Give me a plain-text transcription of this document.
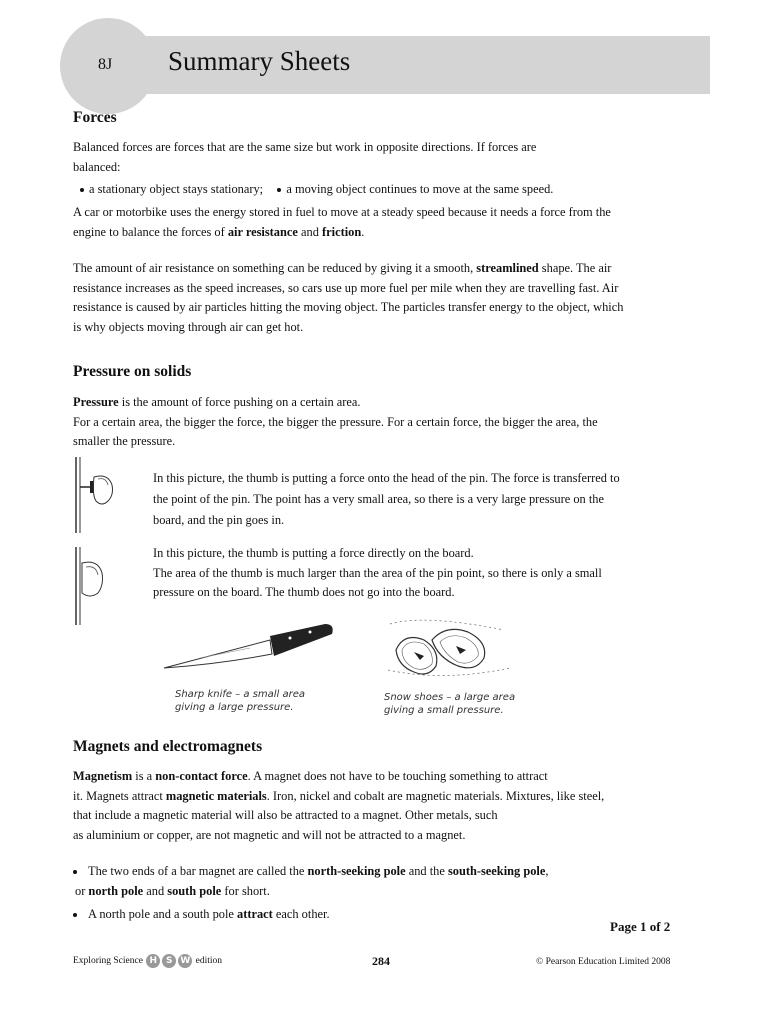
8J Summary Sheets
Forces
Balanced forces are forces that are the same size but work in opposite directions. If forces are
balanced:
a stationary object stays stationary; a moving object continues to move at the same speed.
A car or motorbike uses the energy stored in fuel to move at a steady speed because it needs a force from the
engine to balance the forces of air resistance and friction.
The amount of air resistance on something can be reduced by giving it a smooth, streamlined shape. The air
resistance increases as the speed increases, so cars use up more fuel per mile when they are travelling fast. Air
resistance is caused by air particles hitting the moving object. The particles transfer energy to the object, which
is why objects moving through air can get hot.
Pressure on solids
Pressure is the amount of force pushing on a certain area.
For a certain area, the bigger the force, the bigger the pressure. For a certain force, the bigger the area, the
smaller the pressure.
In this picture, the thumb is putting a force onto the head of the pin. The force is transferred to
the point of the pin. The point has a very small area, so there is a very large pressure on the
board, and the pin goes in.
In this picture, the thumb is putting a force directly on the board.
The area of the thumb is much larger than the area of the pin point, so there is only a small
pressure on the board. The thumb does not go into the board.
Sharp knife – a small area
giving a large pressure.
Snow shoes – a large area
giving a small pressure.
Magnets and electromagnets
Magnetism is a non-contact force. A magnet does not have to be touching something to attract
it. Magnets attract magnetic materials. Iron, nickel and cobalt are magnetic materials. Mixtures, like steel,
that include a magnetic material will also be attracted to a magnet. Other metals, such
as aluminium or copper, are not magnetic and will not be attracted to a magnet.
The two ends of a bar magnet are called the north-seeking pole and the south-seeking pole,
or north pole and south pole for short.
A north pole and a south pole attract each other.
Page 1 of 2
Exploring Science H S W edition	284	© Pearson Education Limited 2008
